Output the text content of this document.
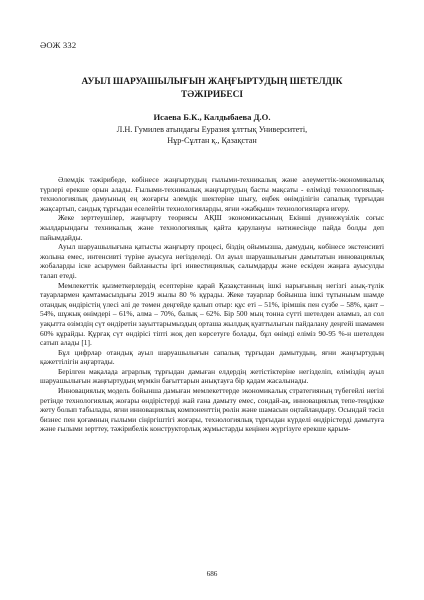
ӘОЖ 332
АУЫЛ ШАРУАШЫЛЫҒЫН ЖАҢҒЫРТУДЫҢ ШЕТЕЛДІК
ТӘЖІРИБЕСІ
Исаева Б.К., Калдыбаева Д.О.
Л.Н. Гумилев атындағы Еуразия ұлттық Университеті,
Нұр-Сұлтан қ., Қазақстан

Әлемдік тәжірибеде, көбінесе жаңғыртудың ғылыми-техникалық және әлеуметтік-экономикалық түрлері ерекше орын алады. Ғылыми-техникалық жаңғыртудың басты мақсаты - елімізді технологиялық-технологиялық дамуының ең жоғарғы әлемдік шектеріне шығу, еңбек өнімділігін сапалық тұрғыдан жақсартып, сандық тұрғыдан еселейтін технологияларды, яғни «жабқыш» технологияларға игеру.

Жеке зерттеушілер, жаңғырту теориясы АҚШ экономикасының Екінші дүниежүзілік соғыс жылдарындағы техникалық және технологиялық қайта қарулануы нәтижесінде пайда болды деп пайымдайды.

Ауыл шаруашылығына қатысты жаңғырту процесі, біздің ойымызша, дамудың, көбінесе экстенсивті жолына емес, интенсивті түріне ауысуға негізделеді. Ол ауыл шаруашылығын дамытатын инновациялық жобаларды іске асырумен байланысты іргі инвестициялық салымдарды және ескіден жаңаға ауысулды талап етеді.

Мемлекеттік қызметкерлердің есептеріне қарай Қазақстанның ішкі нарығының негізгі азық-түлік тауарлармен қамтамасыздығы 2019 жылы 80 % құрады. Жеке тауарлар бойынша ішкі тұтыныым шамде отандық өндірістің үлесі әлі де төмен деңгейде қалып отыр: құс еті – 51%, ірімшік пен сүзбе – 58%, қант – 54%, шұжық өнімдері – 61%, алма – 70%, балық – 62%. Бір 500 мың тонна сүтті шетелден аламыз, ал сол уақытта өзімздің сүт өндіретін зауыттарымыздың орташа жылдық қуаттылығын пайдалану деңгейі шамамен 60% құрайды. Құрғақ сүт өндірісі тіпті жоқ деп көрсетуге болады, бұл өнімді еліміз 90-95 %-н шетелден сатып алады [1].

Бұл цифрлар отандық ауыл шаруашылығын сапалық тұрғыдан дамытудың, яғни жаңғыртудың қажеттілігін аңғартады.

Берілген мақалада аграрлық тұрғыдан дамыған елдердің жетістіктеріне негізделіп, еліміздің ауыл шаруашылығын жаңғыртудың мүмкін бағыттарын анықтауға бір қадам жасалынады.

Инновациялық модель бойынша дамыған мемлекеттерде экономикалық стратегияның түбегейлі негізі ретінде технологиялық жоғары өндірістерді жай ғана дамыту емес, сондай-ақ, инновациялық тепе-теңдікке жету болып табылады, яғни инновациялық компоненттің рөлін және шамасын оңтайландыру. Осындай тәсіл бизнес пен қоғамның ғылыми сіңіргіштігі жоғары, технологиялық тұрғыдан күрделі өндірістерді дамытуға және ғылыми зерттеу, тәжірибелік конструкторлық жұмыстарды кеңінен жүргізуге ерекше қарым-

686
